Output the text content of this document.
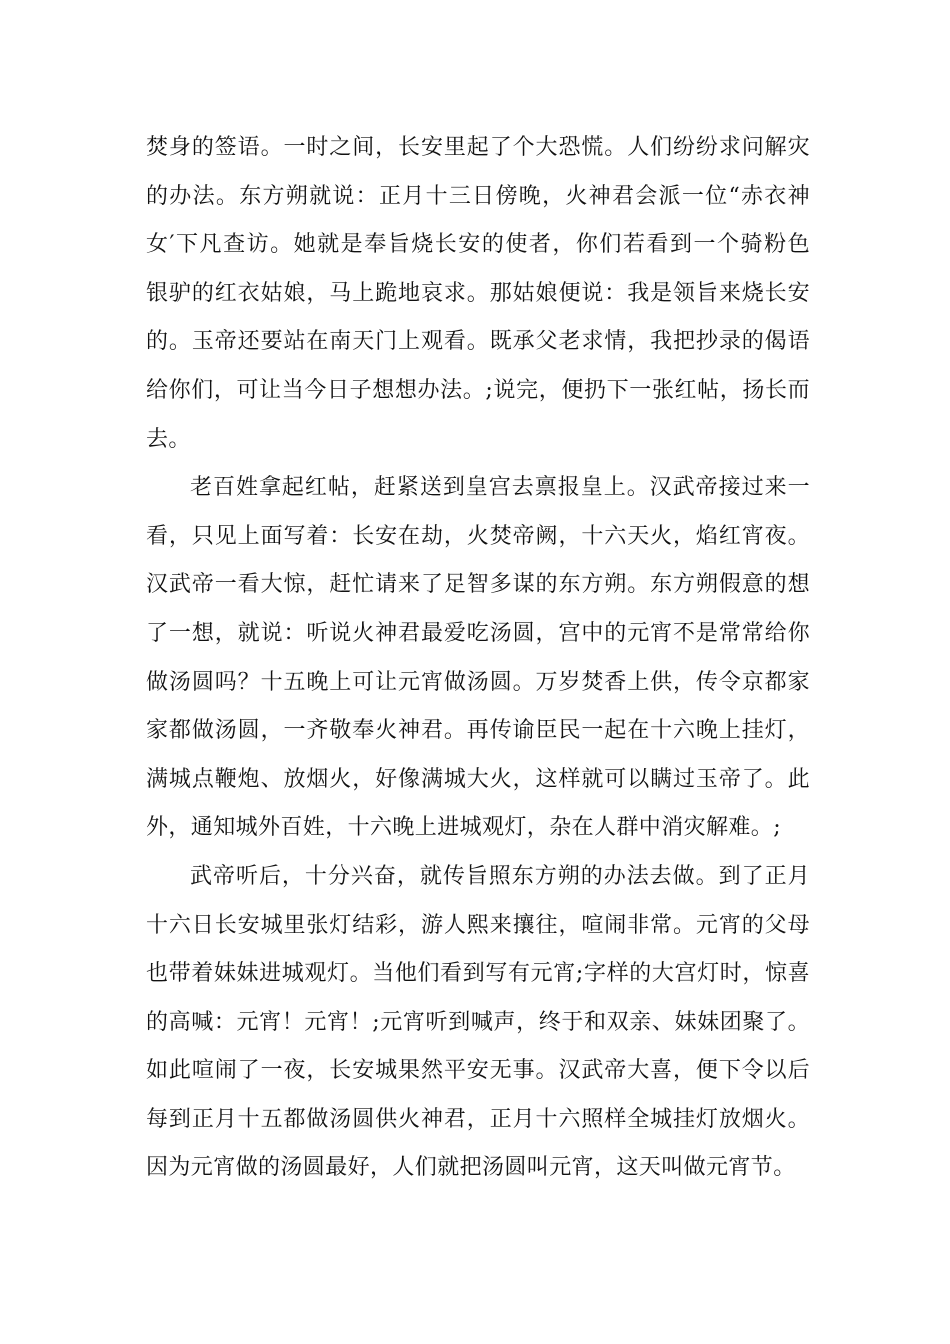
焚身的签语。一时之间，长安里起了个大恐慌。人们纷纷求问解灾
的办法。东方朔就说：正月十三日傍晚，火神君会派一位“赤衣神
女′下凡查访。她就是奉旨烧长安的使者，你们若看到一个骑粉色
银驴的红衣姑娘，马上跪地哀求。那姑娘便说：我是领旨来烧长安
的。玉帝还要站在南天门上观看。既承父老求情，我把抄录的偈语
给你们，可让当今日子想想办法。;说完，便扔下一张红帖，扬长而
去。
老百姓拿起红帖，赶紧送到皇宫去禀报皇上。汉武帝接过来一
看，只见上面写着：长安在劫，火焚帝阙，十六天火，焰红宵夜。
汉武帝一看大惊，赶忙请来了足智多谋的东方朔。东方朔假意的想
了一想，就说：听说火神君最爱吃汤圆，宫中的元宵不是常常给你
做汤圆吗？十五晚上可让元宵做汤圆。万岁焚香上供，传令京都家
家都做汤圆，一齐敬奉火神君。再传谕臣民一起在十六晚上挂灯，
满城点鞭炮、放烟火，好像满城大火，这样就可以瞒过玉帝了。此
外，通知城外百姓，十六晚上进城观灯，杂在人群中消灾解难。;
武帝听后，十分兴奋，就传旨照东方朔的办法去做。到了正月
十六日长安城里张灯结彩，游人熙来攘往，喧闹非常。元宵的父母
也带着妹妹进城观灯。当他们看到写有元宵;字样的大宫灯时，惊喜
的高喊：元宵！元宵！;元宵听到喊声，终于和双亲、妹妹团聚了。
如此喧闹了一夜，长安城果然平安无事。汉武帝大喜，便下令以后
每到正月十五都做汤圆供火神君，正月十六照样全城挂灯放烟火。
因为元宵做的汤圆最好，人们就把汤圆叫元宵，这天叫做元宵节。
